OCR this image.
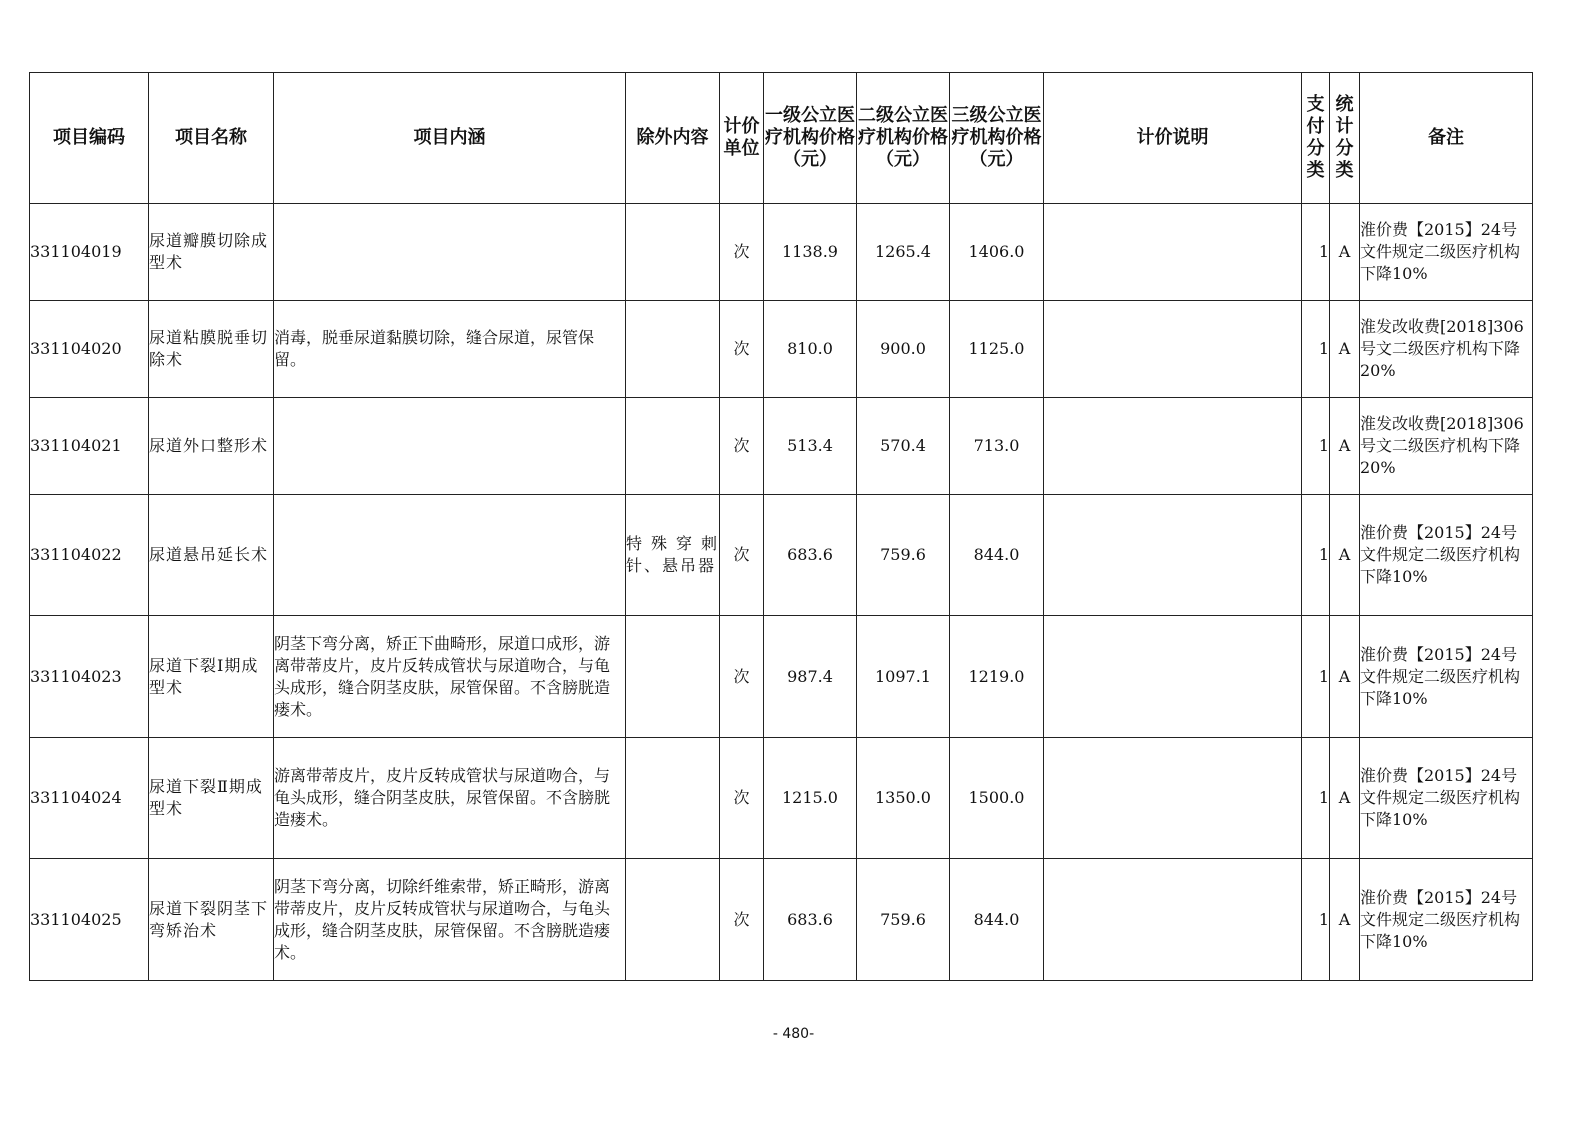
项目编码	项目名称	项目内涵	除外内容	计价单位	一级公立医疗机构价格（元）	二级公立医疗机构价格（元）	三级公立医疗机构价格（元）	计价说明	支付分类	统计分类	备注
331104019	尿道瓣膜切除成型术			次	1138.9	1265.4	1406.0		1	A	淮价费【2015】24号文件规定二级医疗机构下降10%
331104020	尿道粘膜脱垂切除术	消毒，脱垂尿道黏膜切除，缝合尿道，尿管保留。		次	810.0	900.0	1125.0		1	A	淮发改收费[2018]306号文二级医疗机构下降20%
331104021	尿道外口整形术			次	513.4	570.4	713.0		1	A	淮发改收费[2018]306号文二级医疗机构下降20%
331104022	尿道悬吊延长术		特殊穿刺针、悬吊器	次	683.6	759.6	844.0		1	A	淮价费【2015】24号文件规定二级医疗机构下降10%
331104023	尿道下裂Ⅰ期成型术	阴茎下弯分离，矫正下曲畸形，尿道口成形，游离带蒂皮片，皮片反转成管状与尿道吻合，与龟头成形，缝合阴茎皮肤，尿管保留。不含膀胱造瘘术。		次	987.4	1097.1	1219.0		1	A	淮价费【2015】24号文件规定二级医疗机构下降10%
331104024	尿道下裂Ⅱ期成型术	游离带蒂皮片，皮片反转成管状与尿道吻合，与龟头成形，缝合阴茎皮肤，尿管保留。不含膀胱造瘘术。		次	1215.0	1350.0	1500.0		1	A	淮价费【2015】24号文件规定二级医疗机构下降10%
331104025	尿道下裂阴茎下弯矫治术	阴茎下弯分离，切除纤维索带，矫正畸形，游离带蒂皮片，皮片反转成管状与尿道吻合，与龟头成形，缝合阴茎皮肤，尿管保留。不含膀胱造瘘术。		次	683.6	759.6	844.0		1	A	淮价费【2015】24号文件规定二级医疗机构下降10%
- 480-
